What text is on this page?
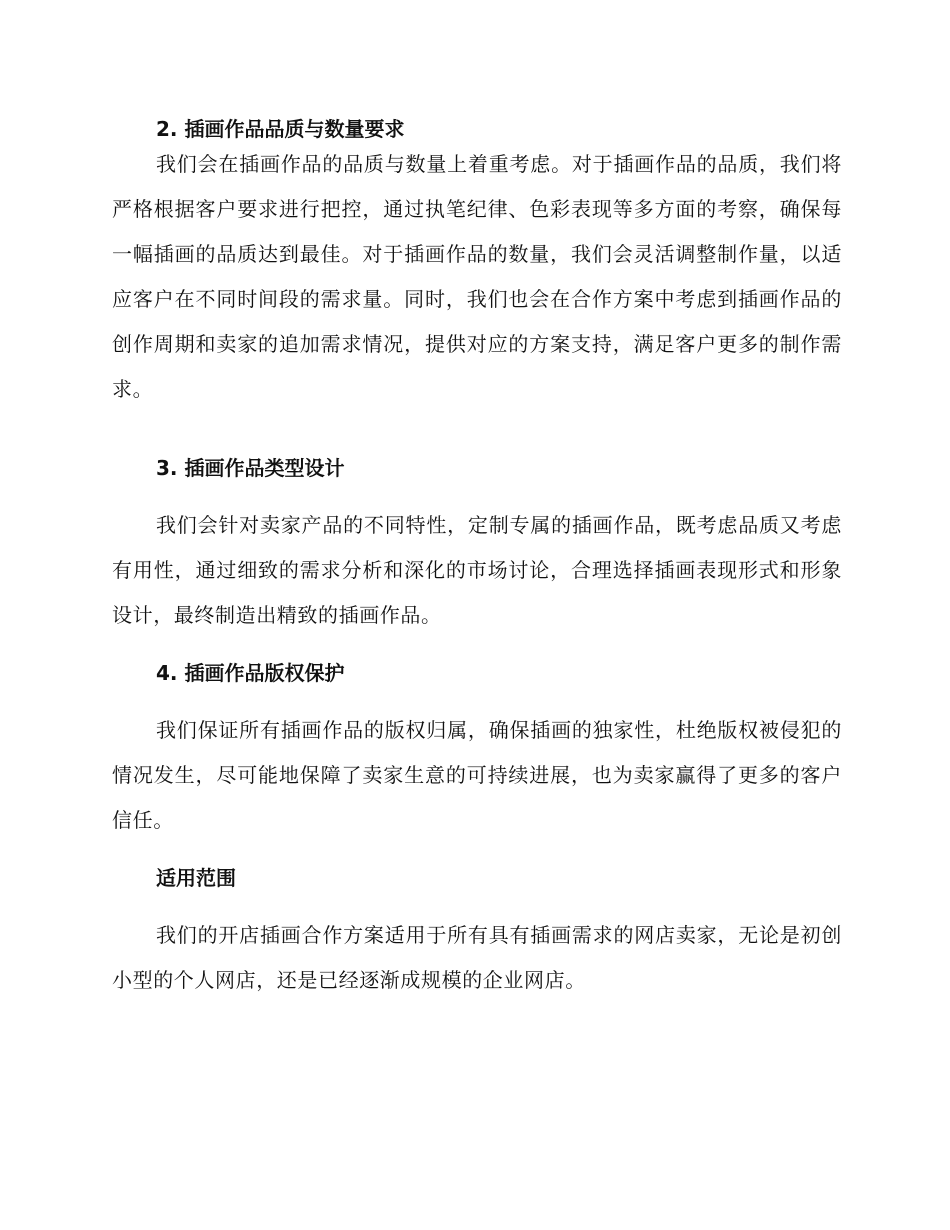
2. 插画作品品质与数量要求

我们会在插画作品的品质与数量上着重考虑。对于插画作品的品质，我们将严格根据客户要求进行把控，通过执笔纪律、色彩表现等多方面的考察，确保每一幅插画的品质达到最佳。对于插画作品的数量，我们会灵活调整制作量，以适应客户在不同时间段的需求量。同时，我们也会在合作方案中考虑到插画作品的创作周期和卖家的追加需求情况，提供对应的方案支持，满足客户更多的制作需求。

3. 插画作品类型设计

我们会针对卖家产品的不同特性，定制专属的插画作品，既考虑品质又考虑有用性，通过细致的需求分析和深化的市场讨论，合理选择插画表现形式和形象设计，最终制造出精致的插画作品。

4. 插画作品版权保护

我们保证所有插画作品的版权归属，确保插画的独家性，杜绝版权被侵犯的情况发生，尽可能地保障了卖家生意的可持续进展，也为卖家赢得了更多的客户信任。

适用范围

我们的开店插画合作方案适用于所有具有插画需求的网店卖家，无论是初创小型的个人网店，还是已经逐渐成规模的企业网店。
